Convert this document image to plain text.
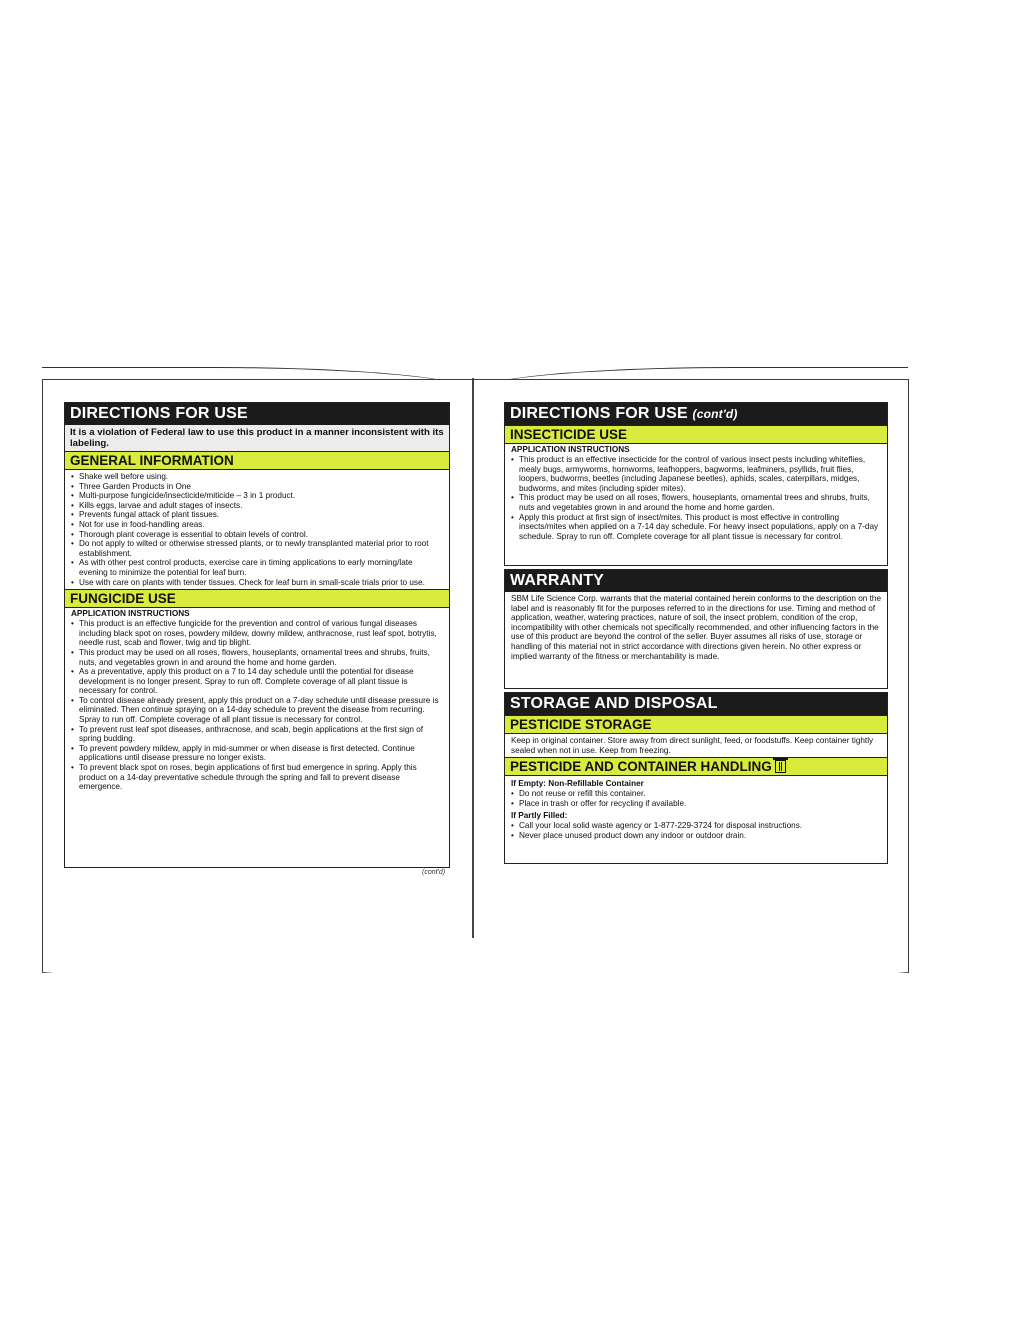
DIRECTIONS FOR USE
It is a violation of Federal law to use this product in a manner inconsistent with its labeling.
GENERAL INFORMATION
• Shake well before using.
• Three Garden Products in One
• Multi-purpose fungicide/insecticide/miticide – 3 in 1 product.
• Kills eggs, larvae and adult stages of insects.
• Prevents fungal attack of plant tissues.
• Not for use in food-handling areas.
• Thorough plant coverage is essential to obtain levels of control.
• Do not apply to wilted or otherwise stressed plants, or to newly transplanted material prior to root establishment.
• As with other pest control products, exercise care in timing applications to early morning/late evening to minimize the potential for leaf burn.
• Use with care on plants with tender tissues. Check for leaf burn in small-scale trials prior to use.
FUNGICIDE USE
APPLICATION INSTRUCTIONS
• This product is an effective fungicide for the prevention and control of various fungal diseases including black spot on roses, powdery mildew, downy mildew, anthracnose, rust leaf spot, botrytis, needle rust, scab and flower, twig and tip blight.
• This product may be used on all roses, flowers, houseplants, ornamental trees and shrubs, fruits, nuts, and vegetables grown in and around the home and home garden.
• As a preventative, apply this product on a 7 to 14 day schedule until the potential for disease development is no longer present. Spray to run off. Complete coverage of all plant tissue is necessary for control.
• To control disease already present, apply this product on a 7-day schedule until disease pressure is eliminated. Then continue spraying on a 14-day schedule to prevent the disease from recurring. Spray to run off. Complete coverage of all plant tissue is necessary for control.
• To prevent rust leaf spot diseases, anthracnose, and scab, begin applications at the first sign of spring budding.
• To prevent powdery mildew, apply in mid-summer or when disease is first detected. Continue applications until disease pressure no longer exists.
• To prevent black spot on roses, begin applications of first bud emergence in spring. Apply this product on a 14-day preventative schedule through the spring and fall to prevent disease emergence.
(cont'd)
DIRECTIONS FOR USE (cont'd)
INSECTICIDE USE
APPLICATION INSTRUCTIONS
• This product is an effective insecticide for the control of various insect pests including whiteflies, mealy bugs, armyworms, hornworms, leafhoppers, bagworms, leafminers, psyllids, fruit flies, loopers, budworms, beetles (including Japanese beetles), aphids, scales, caterpillars, midges, budworms, and mites (including spider mites).
• This product may be used on all roses, flowers, houseplants, ornamental trees and shrubs, fruits, nuts and vegetables grown in and around the home and home garden.
• Apply this product at first sign of insect/mites. This product is most effective in controlling insects/mites when applied on a 7-14 day schedule. For heavy insect populations, apply on a 7-day schedule. Spray to run off. Complete coverage for all plant tissue is necessary for control.
WARRANTY
SBM Life Science Corp. warrants that the material contained herein conforms to the description on the label and is reasonably fit for the purposes referred to in the directions for use. Timing and method of application, weather, watering practices, nature of soil, the insect problem, condition of the crop, incompatibility with other chemicals not specifically recommended, and other influencing factors in the use of this product are beyond the control of the seller. Buyer assumes all risks of use, storage or handling of this material not in strict accordance with directions given herein. No other express or implied warranty of the fitness or merchantability is made.
STORAGE AND DISPOSAL
PESTICIDE STORAGE
Keep in original container. Store away from direct sunlight, feed, or foodstuffs. Keep container tightly sealed when not in use. Keep from freezing.
PESTICIDE AND CONTAINER HANDLING
If Empty: Non-Refillable Container
• Do not reuse or refill this container.
• Place in trash or offer for recycling if available.
If Partly Filled:
• Call your local solid waste agency or 1-877-229-3724 for disposal instructions.
• Never place unused product down any indoor or outdoor drain.
